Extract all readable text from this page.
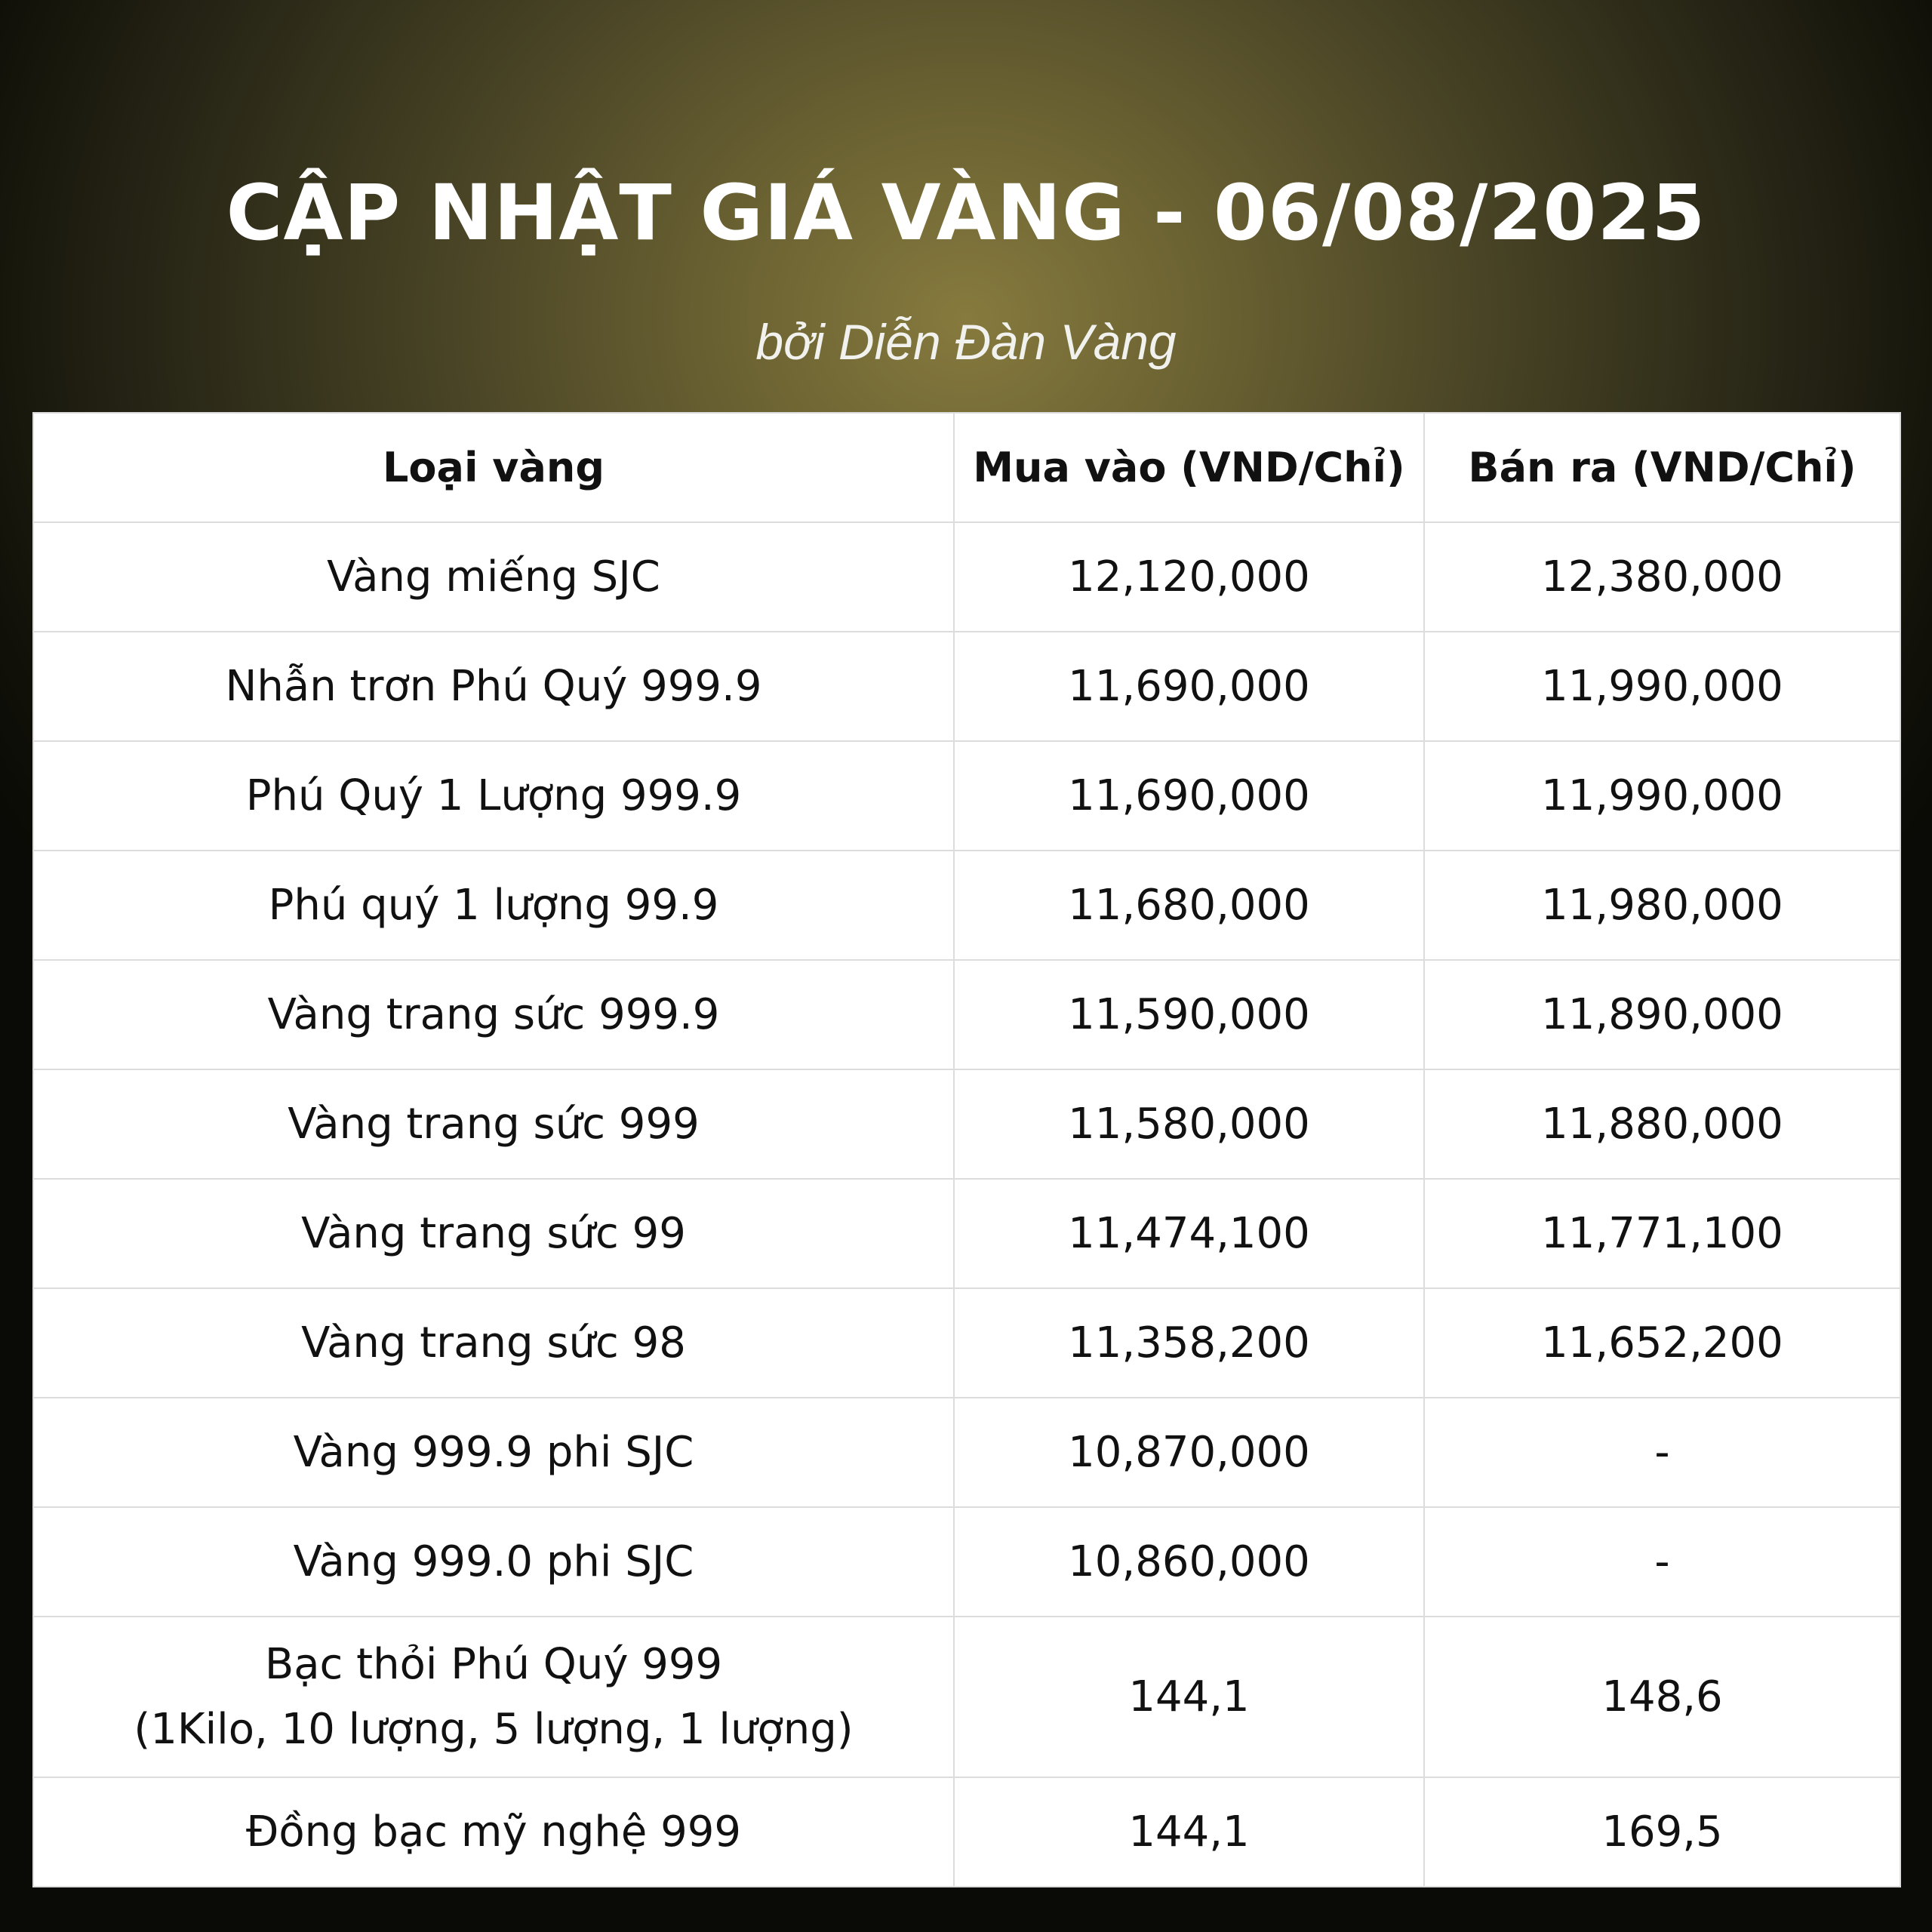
CẬP NHẬT GIÁ VÀNG - 06/08/2025
bởi Diễn Đàn Vàng
Loại vàng	Mua vào (VND/Chỉ)	Bán ra (VND/Chỉ)
Vàng miếng SJC	12,120,000	12,380,000
Nhẫn trơn Phú Quý 999.9	11,690,000	11,990,000
Phú Quý 1 Lượng 999.9	11,690,000	11,990,000
Phú quý 1 lượng 99.9	11,680,000	11,980,000
Vàng trang sức 999.9	11,590,000	11,890,000
Vàng trang sức 999	11,580,000	11,880,000
Vàng trang sức 99	11,474,100	11,771,100
Vàng trang sức 98	11,358,200	11,652,200
Vàng 999.9 phi SJC	10,870,000	-
Vàng 999.0 phi SJC	10,860,000	-
Bạc thỏi Phú Quý 999
(1Kilo, 10 lượng, 5 lượng, 1 lượng)	144,1	148,6
Đồng bạc mỹ nghệ 999	144,1	169,5
